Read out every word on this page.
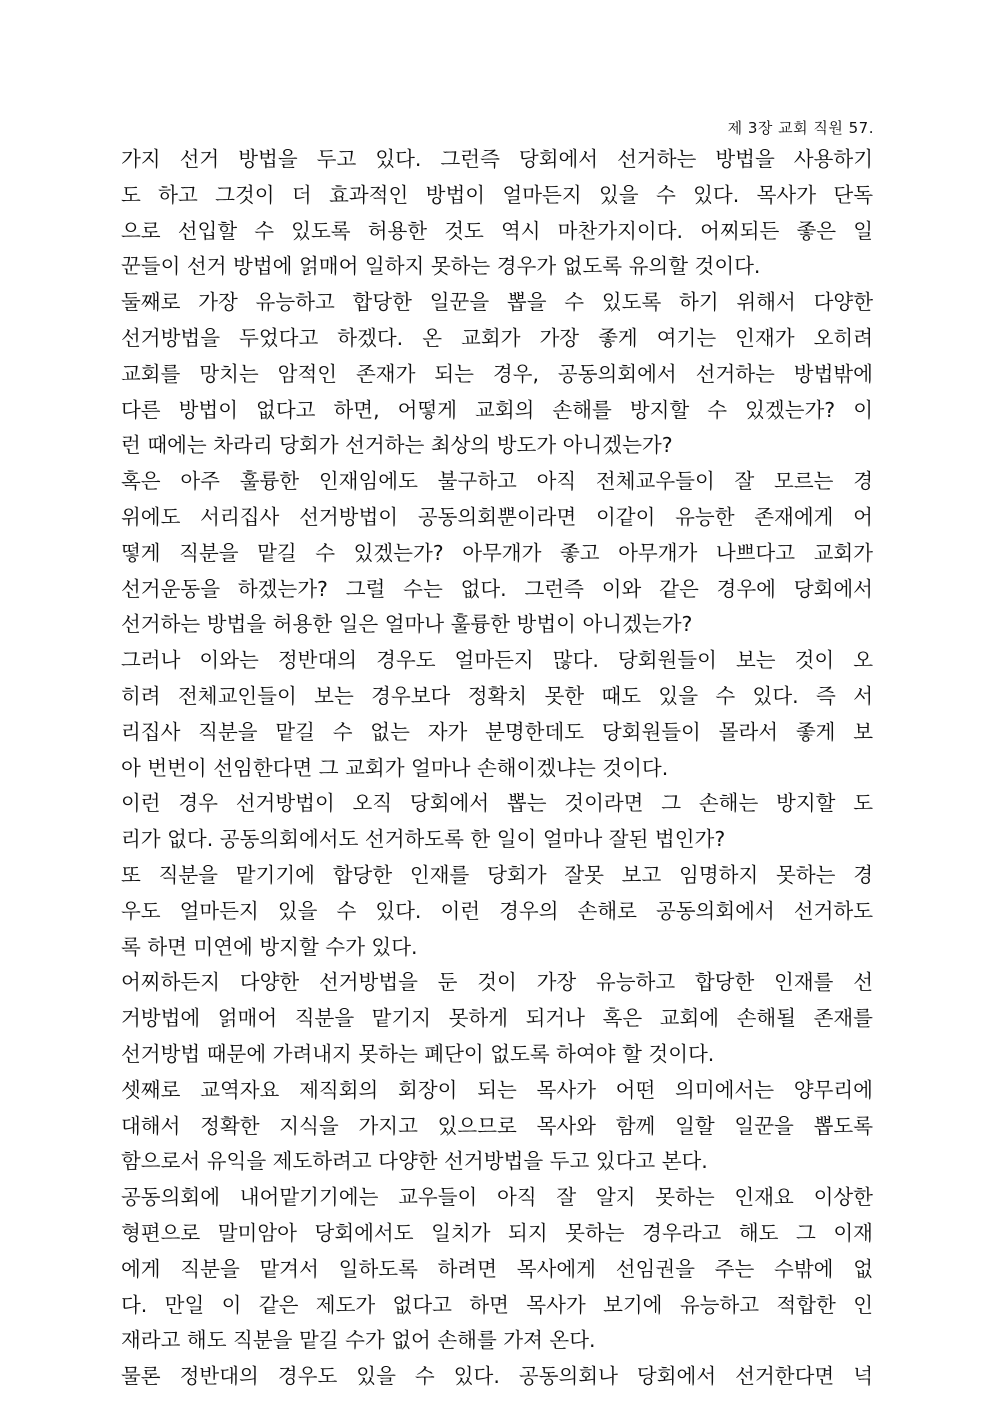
제 3장 교회 직원 57.
가지 선거 방법을 두고 있다. 그런즉 당회에서 선거하는 방법을 사용하기
도 하고 그것이 더 효과적인 방법이 얼마든지 있을 수 있다. 목사가 단독
으로 선입할 수 있도록 허용한 것도 역시 마찬가지이다. 어찌되든 좋은 일
꾼들이 선거 방법에 얽매어 일하지 못하는 경우가 없도록 유의할 것이다.
둘째로 가장 유능하고 합당한 일꾼을 뽑을 수 있도록 하기 위해서 다양한
선거방법을 두었다고 하겠다. 온 교회가 가장 좋게 여기는 인재가 오히려
교회를 망치는 암적인 존재가 되는 경우, 공동의회에서 선거하는 방법밖에
다른 방법이 없다고 하면, 어떻게 교회의 손해를 방지할 수 있겠는가? 이
런 때에는 차라리 당회가 선거하는 최상의 방도가 아니겠는가?
혹은 아주 훌륭한 인재임에도 불구하고 아직 전체교우들이 잘 모르는 경
위에도 서리집사 선거방법이 공동의회뿐이라면 이같이 유능한 존재에게 어
떻게 직분을 맡길 수 있겠는가? 아무개가 좋고 아무개가 나쁘다고 교회가
선거운동을 하겠는가? 그럴 수는 없다. 그런즉 이와 같은 경우에 당회에서
선거하는 방법을 허용한 일은 얼마나 훌륭한 방법이 아니겠는가?
그러나 이와는 정반대의 경우도 얼마든지 많다. 당회원들이 보는 것이 오
히려 전체교인들이 보는 경우보다 정확치 못한 때도 있을 수 있다. 즉 서
리집사 직분을 맡길 수 없는 자가 분명한데도 당회원들이 몰라서 좋게 보
아 번번이 선임한다면 그 교회가 얼마나 손해이겠냐는 것이다.
이런 경우 선거방법이 오직 당회에서 뽑는 것이라면 그 손해는 방지할 도
리가 없다. 공동의회에서도 선거하도록 한 일이 얼마나 잘된 법인가?
또 직분을 맡기기에 합당한 인재를 당회가 잘못 보고 임명하지 못하는 경
우도 얼마든지 있을 수 있다. 이런 경우의 손해로 공동의회에서 선거하도
록 하면 미연에 방지할 수가 있다.
어찌하든지 다양한 선거방법을 둔 것이 가장 유능하고 합당한 인재를 선
거방법에 얽매어 직분을 맡기지 못하게 되거나 혹은 교회에 손해될 존재를
선거방법 때문에 가려내지 못하는 폐단이 없도록 하여야 할 것이다.
셋째로 교역자요 제직회의 회장이 되는 목사가 어떤 의미에서는 양무리에
대해서 정확한 지식을 가지고 있으므로 목사와 함께 일할 일꾼을 뽑도록
함으로서 유익을 제도하려고 다양한 선거방법을 두고 있다고 본다.
공동의회에 내어맡기기에는 교우들이 아직 잘 알지 못하는 인재요 이상한
형편으로 말미암아 당회에서도 일치가 되지 못하는 경우라고 해도 그 이재
에게 직분을 맡겨서 일하도록 하려면 목사에게 선임권을 주는 수밖에 없
다. 만일 이 같은 제도가 없다고 하면 목사가 보기에 유능하고 적합한 인
재라고 해도 직분을 맡길 수가 없어 손해를 가져 온다.
물론 정반대의 경우도 있을 수 있다. 공동의회나 당회에서 선거한다면 넉
